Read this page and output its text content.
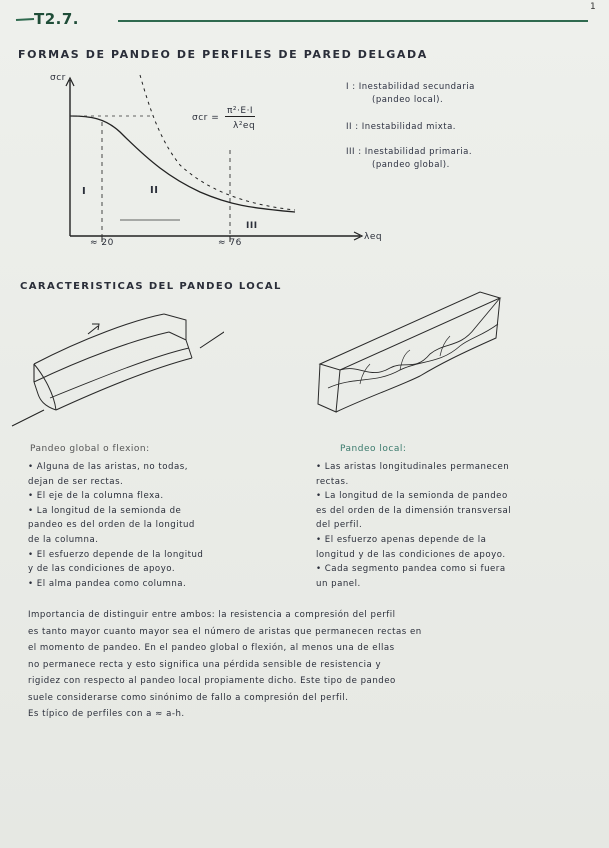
1
T2.7.
FORMAS DE PANDEO DE PERFILES DE PARED DELGADA
σcr
λeq
σcr =
π²·E·I
λ²eq
I	II
III
≈ 20	≈ 76
I : Inestabilidad secundaria
(pandeo local).
II : Inestabilidad mixta.
III : Inestabilidad primaria.
(pandeo global).
CARACTERISTICAS DEL PANDEO LOCAL
Pandeo global o flexion:
• Alguna de las aristas, no todas,
dejan de ser rectas.
• El eje de la columna flexa.
• La longitud de la semionda de
pandeo es del orden de la longitud
de la columna.
• El esfuerzo depende de la longitud
y de las condiciones de apoyo.
• El alma pandea como columna.
Pandeo local:
• Las aristas longitudinales permanecen
rectas.
• La longitud de la semionda de pandeo
es del orden de la dimensión transversal
del perfil.
• El esfuerzo apenas depende de la
longitud y de las condiciones de apoyo.
• Cada segmento pandea como si fuera
un panel.
Importancia de distinguir entre ambos: la resistencia a compresión del perfil
es tanto mayor cuanto mayor sea el número de aristas que permanecen rectas en
el momento de pandeo. En el pandeo global o flexión, al menos una de ellas
no permanece recta y esto significa una pérdida sensible de resistencia y
rigidez con respecto al pandeo local propiamente dicho. Este tipo de pandeo
suele considerarse como sinónimo de fallo a compresión del perfil.
Es típico de perfiles con a ≈ a-h.
